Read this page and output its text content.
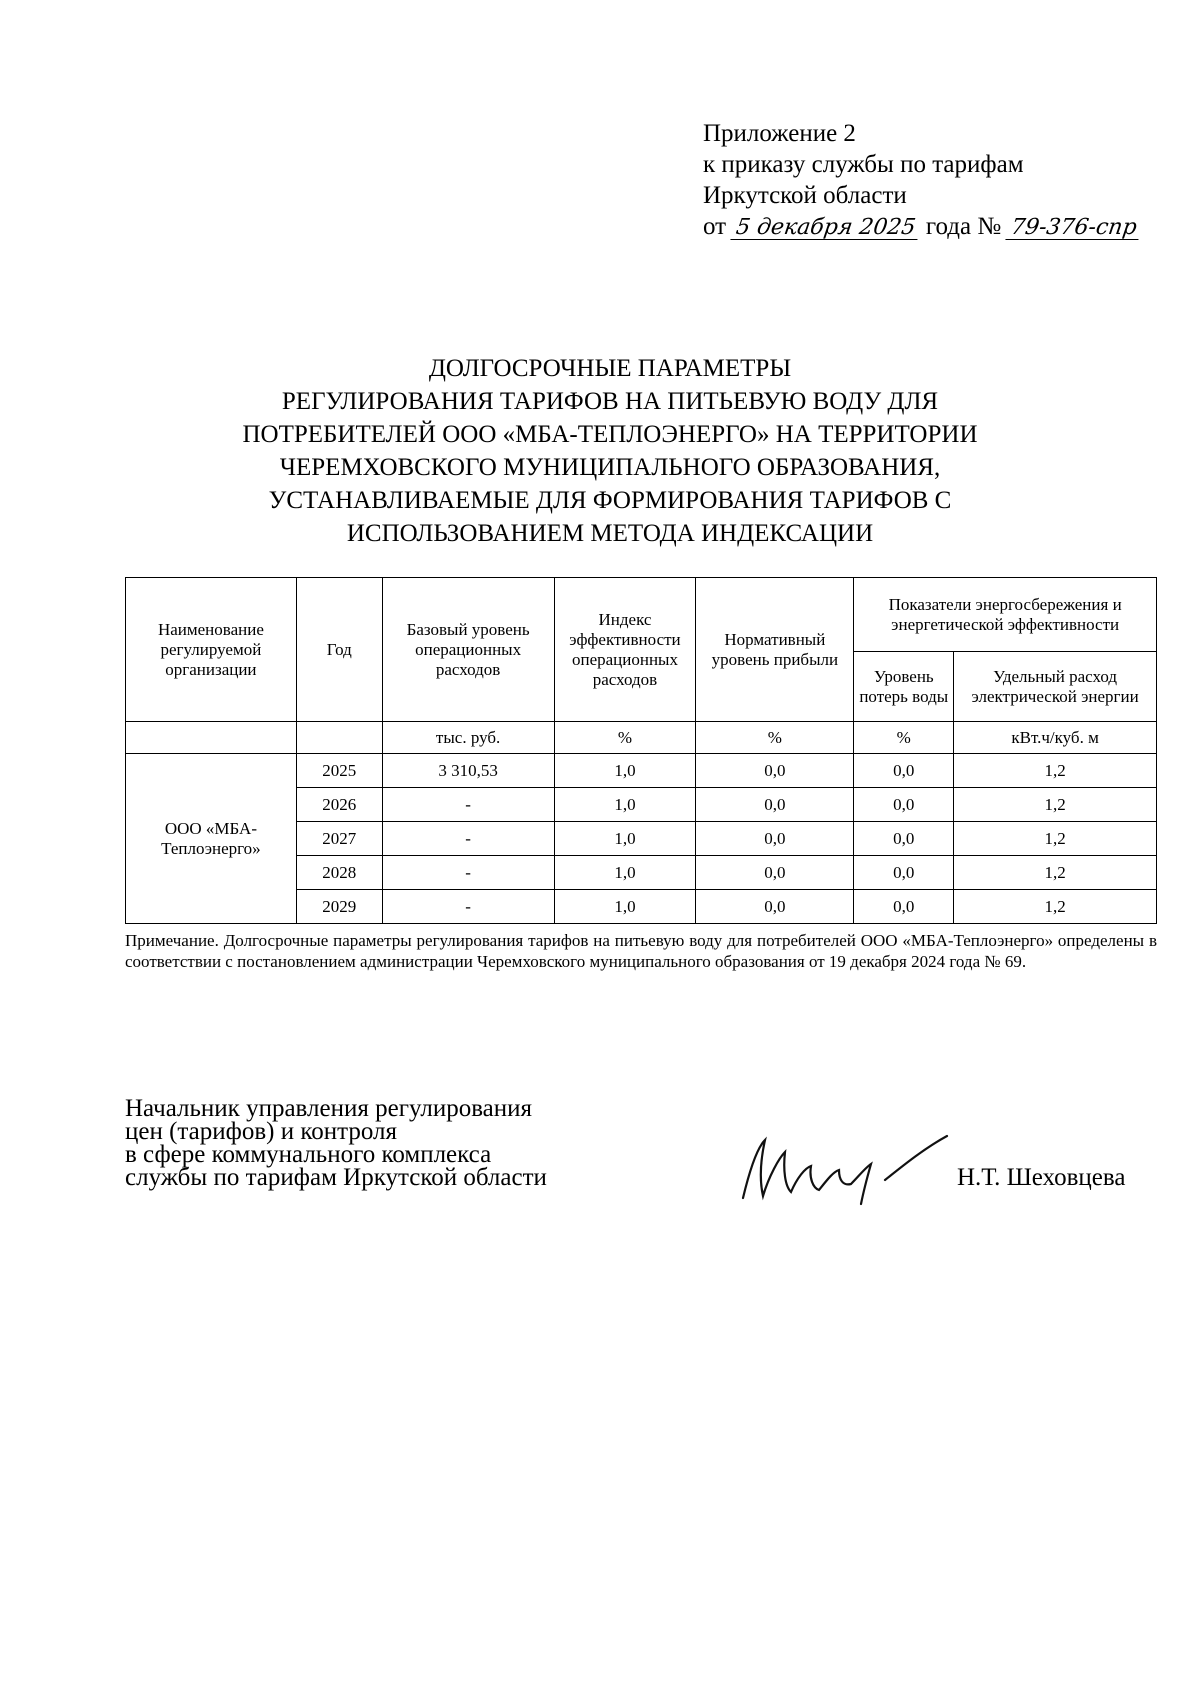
Приложение 2
к приказу службы по тарифам
Иркутской области
от 5 декабря 2025 года № 79-376-спр
ДОЛГОСРОЧНЫЕ ПАРАМЕТРЫ
РЕГУЛИРОВАНИЯ ТАРИФОВ НА ПИТЬЕВУЮ ВОДУ ДЛЯ
ПОТРЕБИТЕЛЕЙ ООО «МБА-ТЕПЛОЭНЕРГО» НА ТЕРРИТОРИИ
ЧЕРЕМХОВСКОГО МУНИЦИПАЛЬНОГО ОБРАЗОВАНИЯ,
УСТАНАВЛИВАЕМЫЕ ДЛЯ ФОРМИРОВАНИЯ ТАРИФОВ С
ИСПОЛЬЗОВАНИЕМ МЕТОДА ИНДЕКСАЦИИ
Наименование регулируемой организации	Год	Базовый уровень операционных расходов	Индекс эффективности операционных расходов	Нормативный уровень прибыли	Показатели энергосбережения и энергетической эффективности	
					Уровень потерь воды	Удельный расход электрической энергии
		тыс. руб.	%	%	%	кВт.ч/куб. м
ООО «МБА-Теплоэнерго»	2025	3 310,53	1,0	0,0	0,0	1,2
	2026	-	1,0	0,0	0,0	1,2
	2027	-	1,0	0,0	0,0	1,2
	2028	-	1,0	0,0	0,0	1,2
	2029	-	1,0	0,0	0,0	1,2
Примечание. Долгосрочные параметры регулирования тарифов на питьевую воду для потребителей ООО «МБА-Теплоэнерго» определены в соответствии с постановлением администрации Черемховского муниципального образования от 19 декабря 2024 года № 69.
Начальник управления регулирования
цен (тарифов) и контроля
в сфере коммунального комплекса
службы по тарифам Иркутской области	Н.Т. Шеховцева
